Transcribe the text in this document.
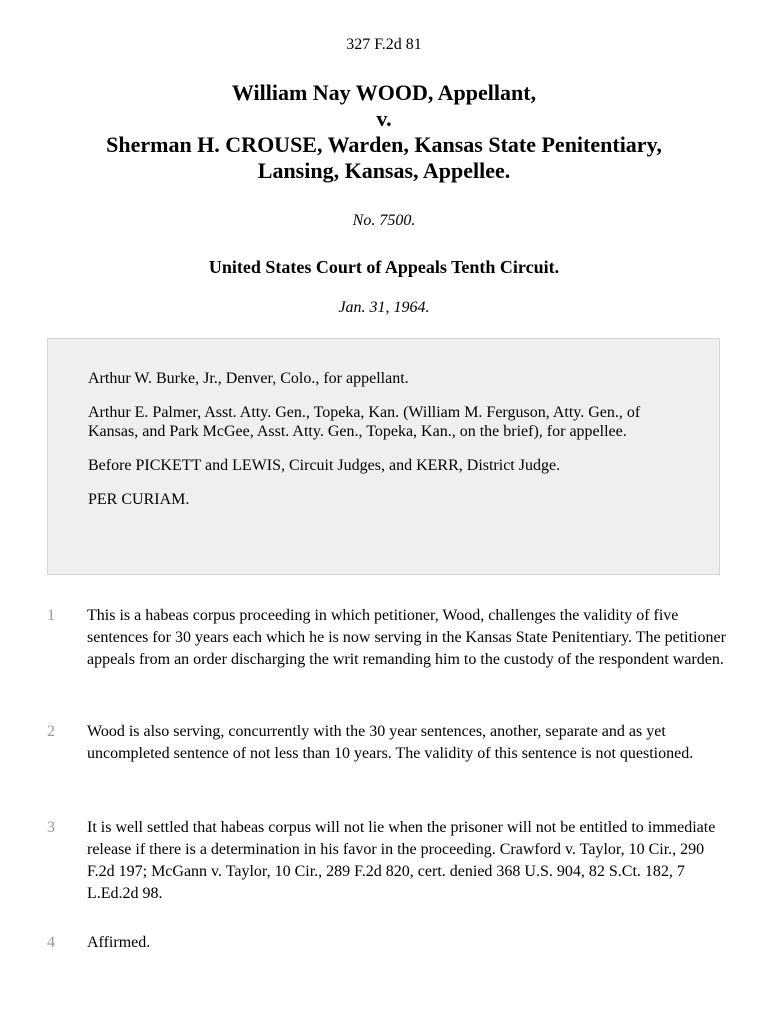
327 F.2d 81
William Nay WOOD, Appellant,
v.
Sherman H. CROUSE, Warden, Kansas State Penitentiary,
Lansing, Kansas, Appellee.
No. 7500.
United States Court of Appeals Tenth Circuit.
Jan. 31, 1964.

Arthur W. Burke, Jr., Denver, Colo., for appellant.

Arthur E. Palmer, Asst. Atty. Gen., Topeka, Kan. (William M. Ferguson, Atty. Gen., of Kansas, and Park McGee, Asst. Atty. Gen., Topeka, Kan., on the brief), for appellee.

Before PICKETT and LEWIS, Circuit Judges, and KERR, District Judge.

PER CURIAM.

1 This is a habeas corpus proceeding in which petitioner, Wood, challenges the validity of five sentences for 30 years each which he is now serving in the Kansas State Penitentiary. The petitioner appeals from an order discharging the writ remanding him to the custody of the respondent warden.
2 Wood is also serving, concurrently with the 30 year sentences, another, separate and as yet uncompleted sentence of not less than 10 years. The validity of this sentence is not questioned.
3 It is well settled that habeas corpus will not lie when the prisoner will not be entitled to immediate release if there is a determination in his favor in the proceeding. Crawford v. Taylor, 10 Cir., 290 F.2d 197; McGann v. Taylor, 10 Cir., 289 F.2d 820, cert. denied 368 U.S. 904, 82 S.Ct. 182, 7 L.Ed.2d 98.
4 Affirmed.
